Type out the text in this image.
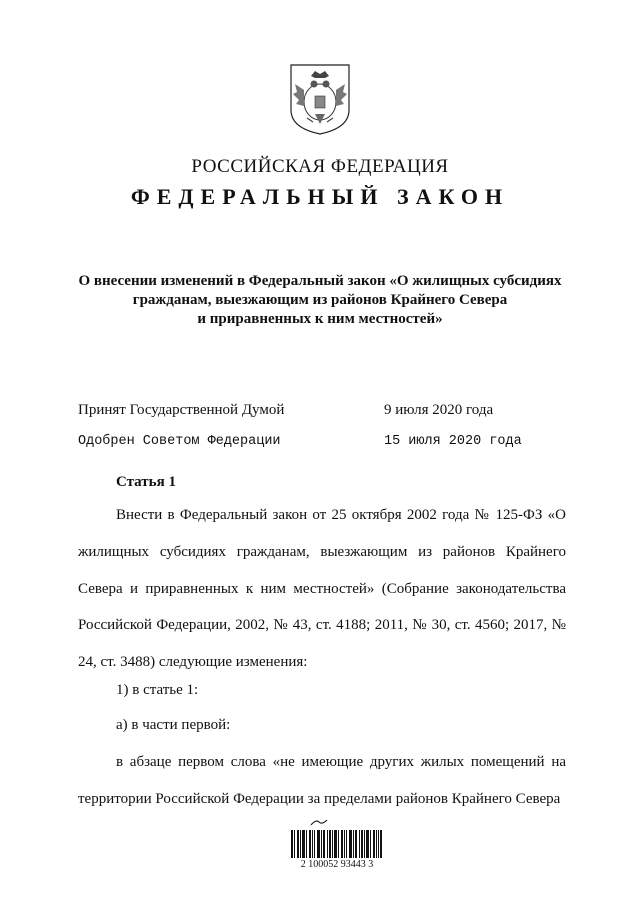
РОССИЙСКАЯ ФЕДЕРАЦИЯ
ФЕДЕРАЛЬНЫЙ ЗАКОН
О внесении изменений в Федеральный закон «О жилищных субсидиях
гражданам, выезжающим из районов Крайнего Севера
и приравненных к ним местностей»
Принят Государственной Думой	9 июля 2020 года
Одобрен Советом Федерации	15 июля 2020 года
Статья 1
Внести в Федеральный закон от 25 октября 2002 года № 125-ФЗ «О жилищных субсидиях гражданам, выезжающим из районов Крайнего Севера и приравненных к ним местностей» (Собрание законодательства Российской Федерации, 2002, № 43, ст. 4188; 2011, № 30, ст. 4560; 2017, № 24, ст. 3488) следующие изменения:
1) в статье 1:
а) в части первой:
в абзаце первом слова «не имеющие других жилых помещений на территории Российской Федерации за пределами районов Крайнего Севера
2 100052 93443 3
